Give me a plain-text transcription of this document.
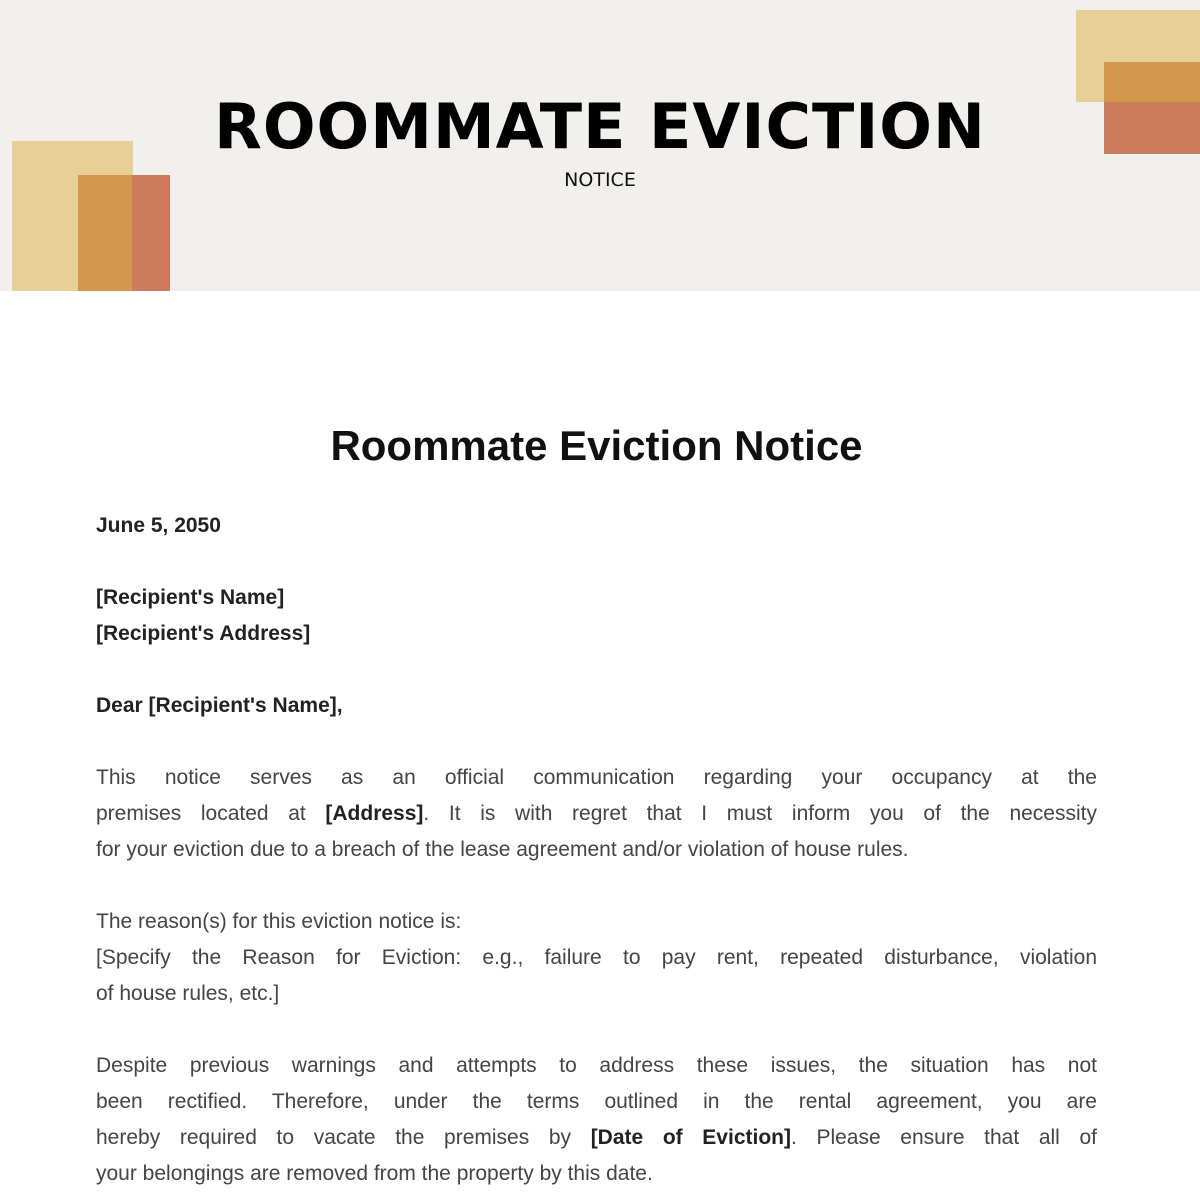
ROOMMATE EVICTION
NOTICE
Roommate Eviction Notice
June 5, 2050
[Recipient's Name]
[Recipient's Address]
Dear [Recipient's Name],
This notice serves as an official communication regarding your occupancy at the
premises located at [Address]. It is with regret that I must inform you of the necessity
for your eviction due to a breach of the lease agreement and/or violation of house rules.
The reason(s) for this eviction notice is:
[Specify the Reason for Eviction: e.g., failure to pay rent, repeated disturbance, violation
of house rules, etc.]
Despite previous warnings and attempts to address these issues, the situation has not
been rectified. Therefore, under the terms outlined in the rental agreement, you are
hereby required to vacate the premises by [Date of Eviction]. Please ensure that all of
your belongings are removed from the property by this date.
